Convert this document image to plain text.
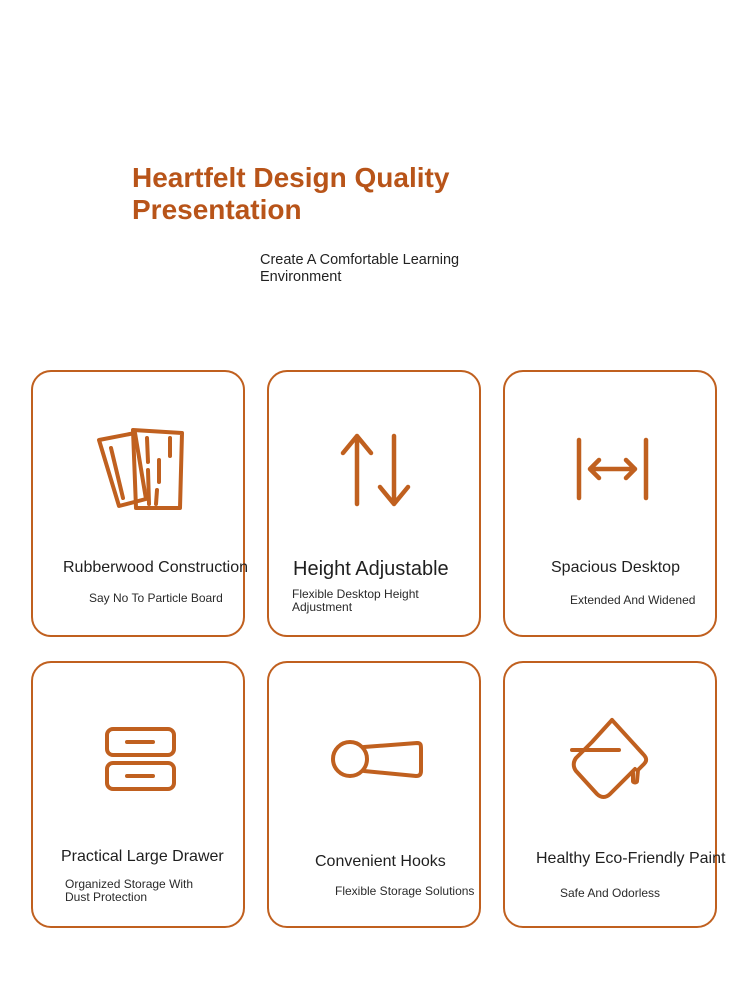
Heartfelt Design Quality Presentation

Create A Comfortable Learning Environment

Rubberwood Construction

Say No To Particle Board

Height Adjustable

Flexible Desktop Height Adjustment

Spacious Desktop

Extended And Widened

Practical Large Drawer

Organized Storage With Dust Protection

Convenient Hooks

Flexible Storage Solutions

Healthy Eco-Friendly Paint

Safe And Odorless
